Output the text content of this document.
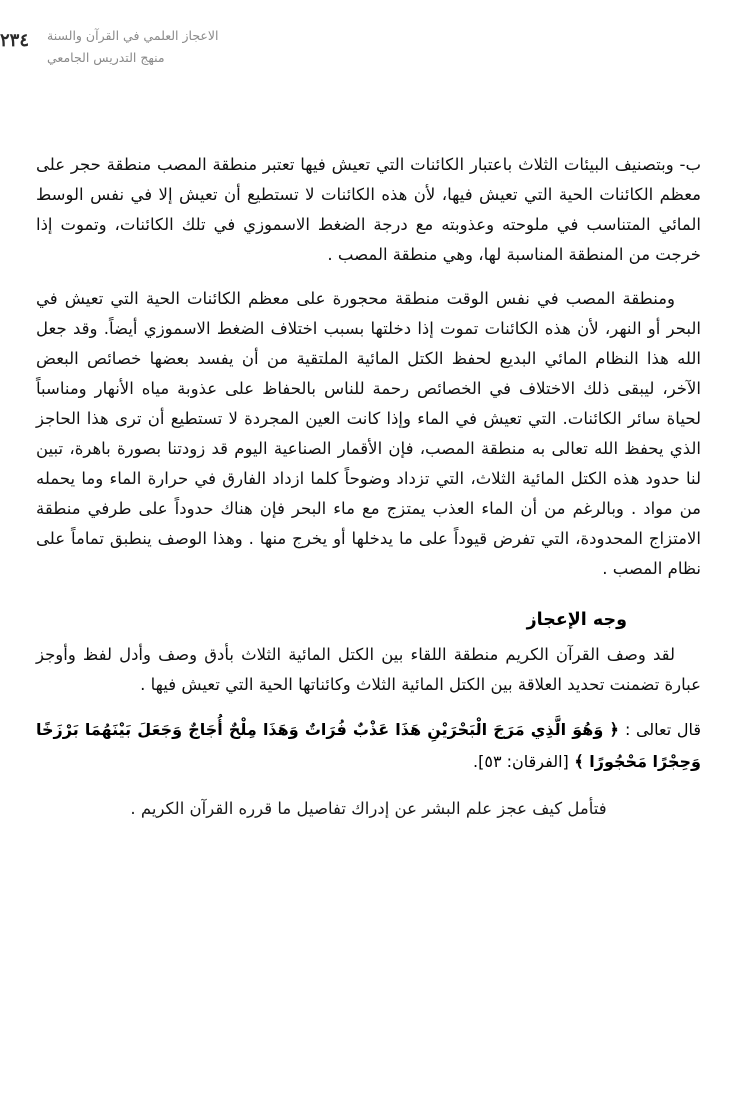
٢٣٤ الاعجاز العلمي في القرآن والسنة
منهج التدريس الجامعي

ب- وبتصنيف البيئات الثلاث باعتبار الكائنات التي تعيش فيها تعتبر منطقة المصب منطقة حجر على معظم الكائنات الحية التي تعيش فيها، لأن هذه الكائنات لا تستطيع أن تعيش إلا في نفس الوسط المائي المتناسب في ملوحته وعذوبته مع درجة الضغط الاسموزي في تلك الكائنات، وتموت إذا خرجت من المنطقة المناسبة لها، وهي منطقة المصب .

ومنطقة المصب في نفس الوقت منطقة محجورة على معظم الكائنات الحية التي تعيش في البحر أو النهر، لأن هذه الكائنات تموت إذا دخلتها بسبب اختلاف الضغط الاسموزي أيضاً. وقد جعل الله هذا النظام المائي البديع لحفظ الكتل المائية الملتقية من أن يفسد بعضها خصائص البعض الآخر، ليبقى ذلك الاختلاف في الخصائص رحمة للناس بالحفاظ على عذوبة مياه الأنهار ومناسباً لحياة سائر الكائنات. التي تعيش في الماء وإذا كانت العين المجردة لا تستطيع أن ترى هذا الحاجز الذي يحفظ الله تعالى به منطقة المصب، فإن الأقمار الصناعية اليوم قد زودتنا بصورة باهرة، تبين لنا حدود هذه الكتل المائية الثلاث، التي تزداد وضوحاً كلما ازداد الفارق في حرارة الماء وما يحمله من مواد . وبالرغم من أن الماء العذب يمتزج مع ماء البحر فإن هناك حدوداً على طرفي منطقة الامتزاج المحدودة، التي تفرض قيوداً على ما يدخلها أو يخرج منها . وهذا الوصف ينطبق تماماً على نظام المصب .

وجه الإعجاز

لقد وصف القرآن الكريم منطقة اللقاء بين الكتل المائية الثلاث بأدق وصف وأدل لفظ وأوجز عبارة تضمنت تحديد العلاقة بين الكتل المائية الثلاث وكائناتها الحية التي تعيش فيها .

قال تعالى : ﴿ وَهُوَ الَّذِي مَرَجَ الْبَحْرَيْنِ هَذَا عَذْبٌ فُرَاتٌ وَهَذَا مِلْحٌ أُجَاجٌ وَجَعَلَ بَيْنَهُمَا بَرْزَخًا وَحِجْرًا مَحْجُورًا ﴾ [الفرقان: ٥٣].

فتأمل كيف عجز علم البشر عن إدراك تفاصيل ما قرره القرآن الكريم .
